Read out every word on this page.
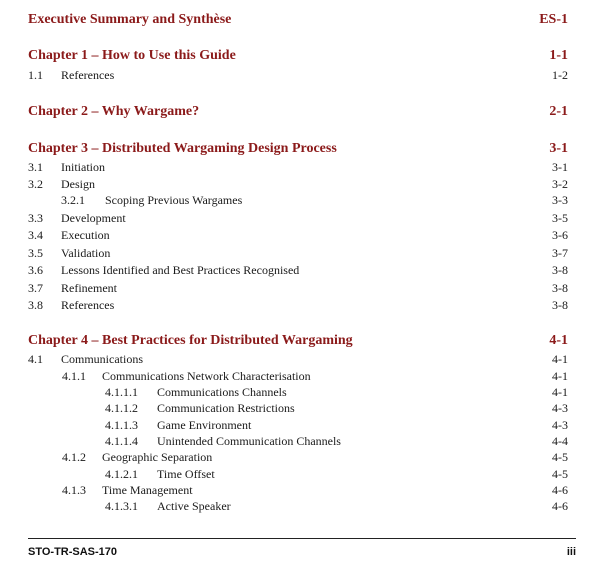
Executive Summary and Synthèse	ES-1
Chapter 1 – How to Use this Guide	1-1
1.1	References	1-2
Chapter 2 – Why Wargame?	2-1
Chapter 3 – Distributed Wargaming Design Process	3-1
3.1	Initiation	3-1
3.2	Design	3-2
3.2.1	Scoping Previous Wargames	3-3
3.3	Development	3-5
3.4	Execution	3-6
3.5	Validation	3-7
3.6	Lessons Identified and Best Practices Recognised	3-8
3.7	Refinement	3-8
3.8	References	3-8
Chapter 4 – Best Practices for Distributed Wargaming	4-1
4.1	Communications	4-1
4.1.1	Communications Network Characterisation	4-1
4.1.1.1	Communications Channels	4-1
4.1.1.2	Communication Restrictions	4-3
4.1.1.3	Game Environment	4-3
4.1.1.4	Unintended Communication Channels	4-4
4.1.2	Geographic Separation	4-5
4.1.2.1	Time Offset	4-5
4.1.3	Time Management	4-6
4.1.3.1	Active Speaker	4-6
STO-TR-SAS-170	iii
